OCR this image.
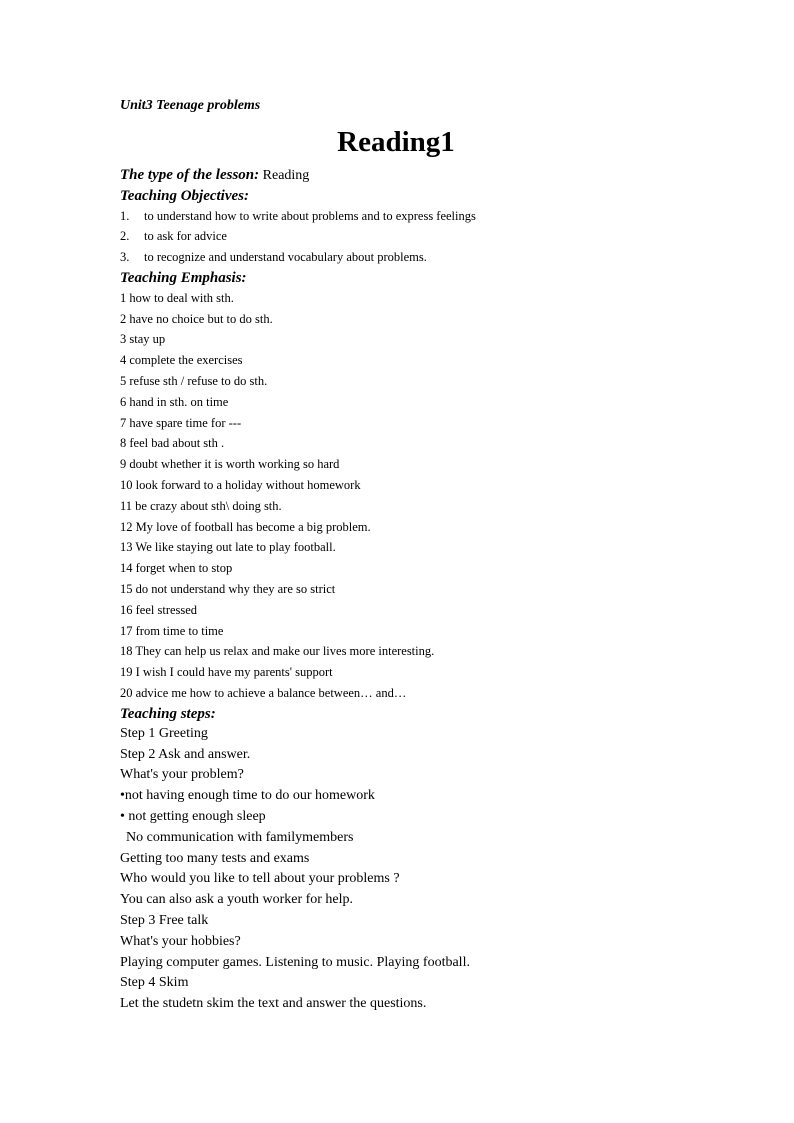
Unit3 Teenage problems

Reading1

The type of the lesson: Reading

Teaching Objectives:

1. to understand how to write about problems and to express feelings
2. to ask for advice
3. to recognize and understand vocabulary about problems.

Teaching Emphasis:

1 how to deal with sth.

2 have no choice but to do sth.

3 stay up

4 complete the exercises

5 refuse sth / refuse to do sth.

6 hand in sth. on time

7 have spare time for ---

8 feel bad about sth .

9 doubt whether it is worth working so hard

10 look forward to a holiday without homework

11 be crazy about sth\ doing sth.

12 My love of football has become a big problem.

13 We like staying out late to play football.

14 forget when to stop

15 do not understand why they are so strict

16 feel stressed

17 from time to time

18 They can help us relax and make our lives more interesting.

19 I wish I could have my parents' support

20 advice me how to achieve a balance between… and…

Teaching steps:

Step 1 Greeting

Step 2 Ask and answer.

What's your problem?

•not having enough time to do our homework

• not getting enough sleep

No communication with familymembers

Getting too many tests and exams

Who would you like to tell about your problems ?

You can also ask a youth worker for help.

Step 3 Free talk

What's your hobbies?

Playing computer games. Listening to music. Playing football.

Step 4 Skim

Let the studetn skim the text and answer the questions.
